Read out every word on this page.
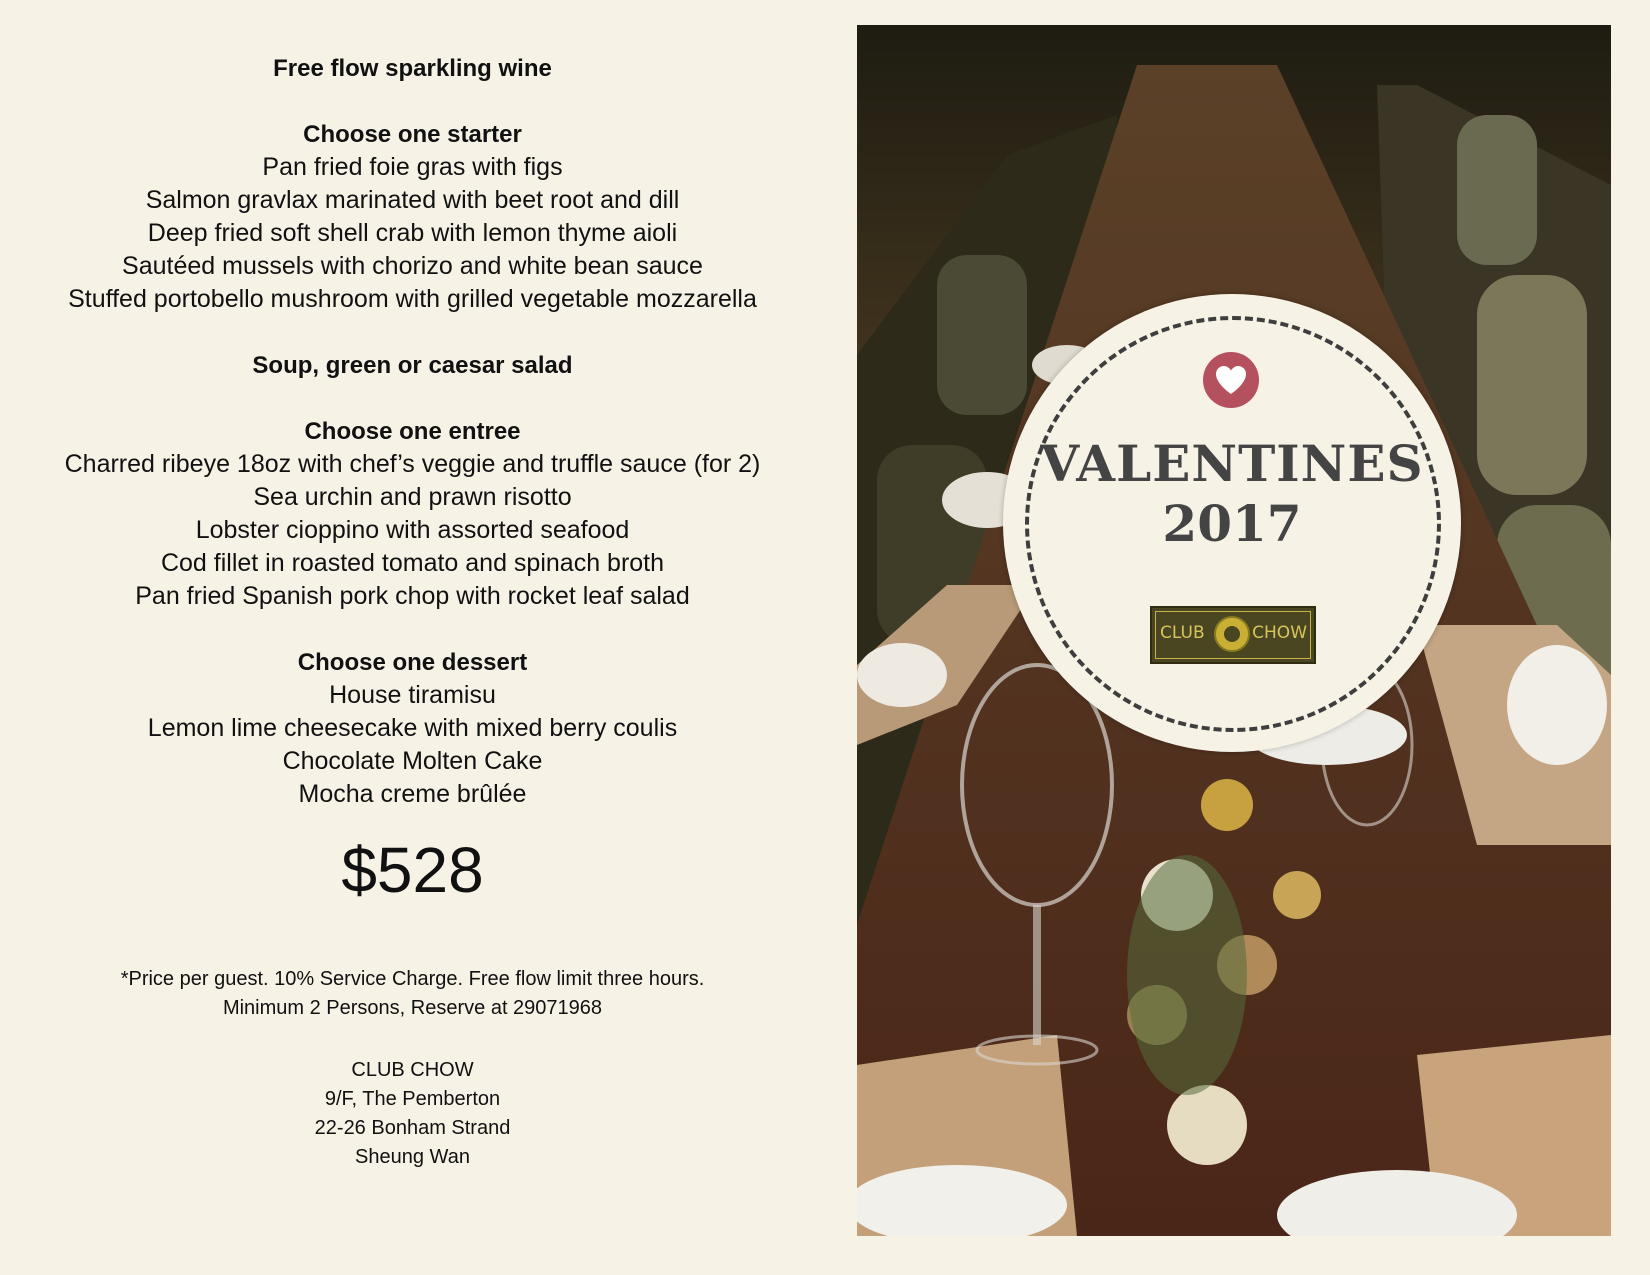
Free flow sparkling wine

Choose one starter

Pan fried foie gras with figs

Salmon gravlax marinated with beet root and dill

Deep fried soft shell crab with lemon thyme aioli

Sautéed mussels with chorizo and white bean sauce

Stuffed portobello mushroom with grilled vegetable mozzarella

Soup, green or caesar salad

Choose one entree

Charred ribeye 18oz with chef’s veggie and truffle sauce (for 2)

Sea urchin and prawn risotto

Lobster cioppino with assorted seafood

Cod fillet in roasted tomato and spinach broth

Pan fried Spanish pork chop with rocket leaf salad

Choose one dessert

House tiramisu

Lemon lime cheesecake with mixed berry coulis

Chocolate Molten Cake

Mocha creme brûlée

$528

*Price per guest. 10% Service Charge. Free flow limit three hours.
Minimum 2 Persons, Reserve at 29071968

CLUB CHOW
9/F, The Pemberton
22-26 Bonham Strand
Sheung Wan

VALENTINES
2017
CLUB	CHOW
